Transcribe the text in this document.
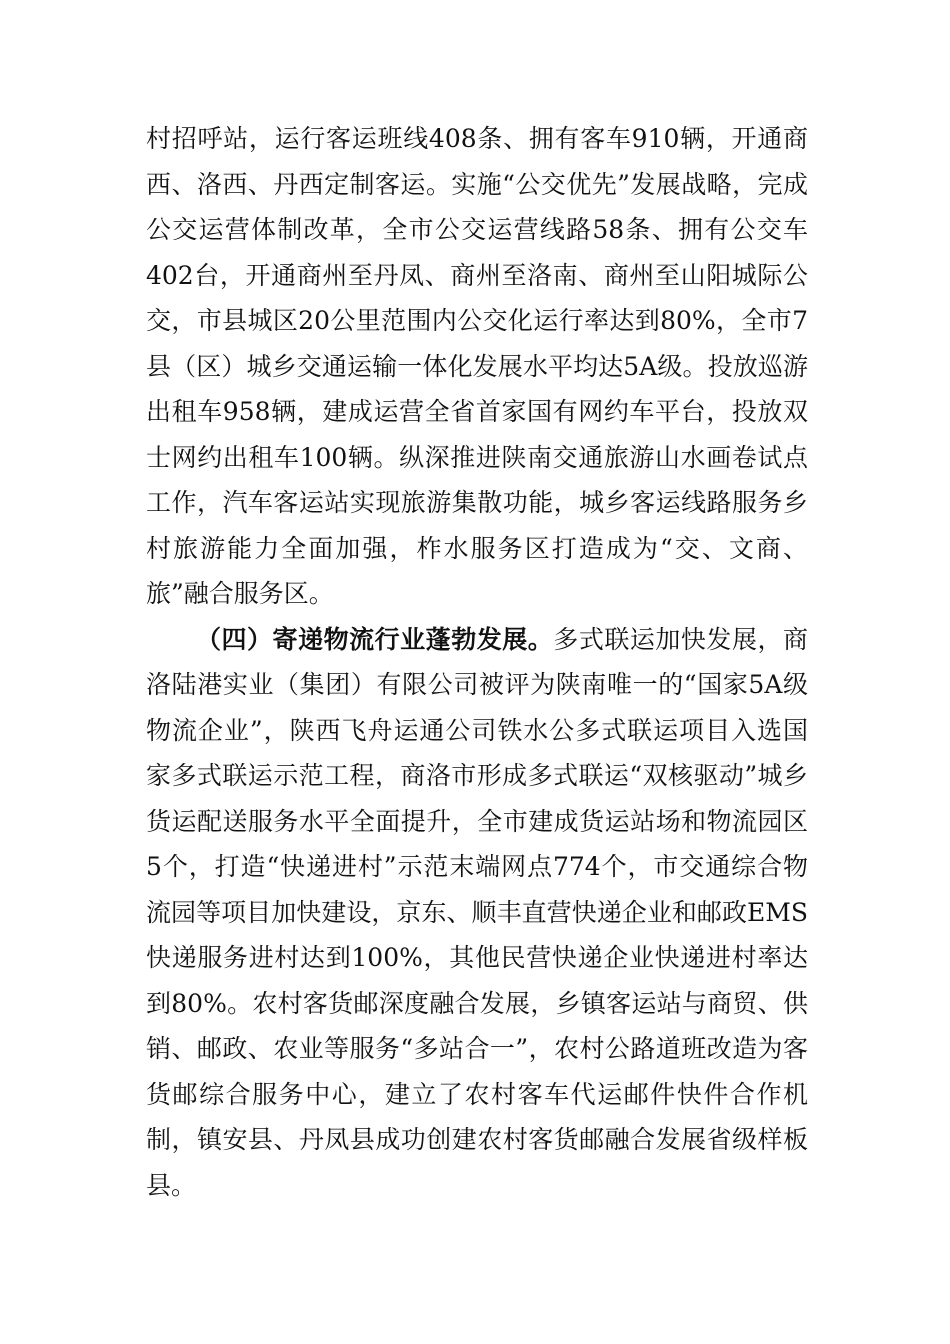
村招呼站，运行客运班线408条、拥有客车910辆，开通商西、洛西、丹西定制客运。实施“公交优先”发展战略，完成公交运营体制改革，全市公交运营线路58条、拥有公交车402台，开通商州至丹凤、商州至洛南、商州至山阳城际公交，市县城区20公里范围内公交化运行率达到80%，全市7县（区）城乡交通运输一体化发展水平均达5A级。投放巡游出租车958辆，建成运营全省首家国有网约车平台，投放双士网约出租车100辆。纵深推进陕南交通旅游山水画卷试点工作，汽车客运站实现旅游集散功能，城乡客运线路服务乡村旅游能力全面加强，柞水服务区打造成为“交、文商、旅”融合服务区。

（四）寄递物流行业蓬勃发展。多式联运加快发展，商洛陆港实业（集团）有限公司被评为陕南唯一的“国家5A级物流企业”，陕西飞舟运通公司铁水公多式联运项目入选国家多式联运示范工程，商洛市形成多式联运“双核驱动”城乡货运配送服务水平全面提升，全市建成货运站场和物流园区5个，打造“快递进村”示范末端网点774个，市交通综合物流园等项目加快建设，京东、顺丰直营快递企业和邮政EMS快递服务进村达到100%，其他民营快递企业快递进村率达到80%。农村客货邮深度融合发展，乡镇客运站与商贸、供销、邮政、农业等服务“多站合一”，农村公路道班改造为客货邮综合服务中心，建立了农村客车代运邮件快件合作机制，镇安县、丹凤县成功创建农村客货邮融合发展省级样板县。
